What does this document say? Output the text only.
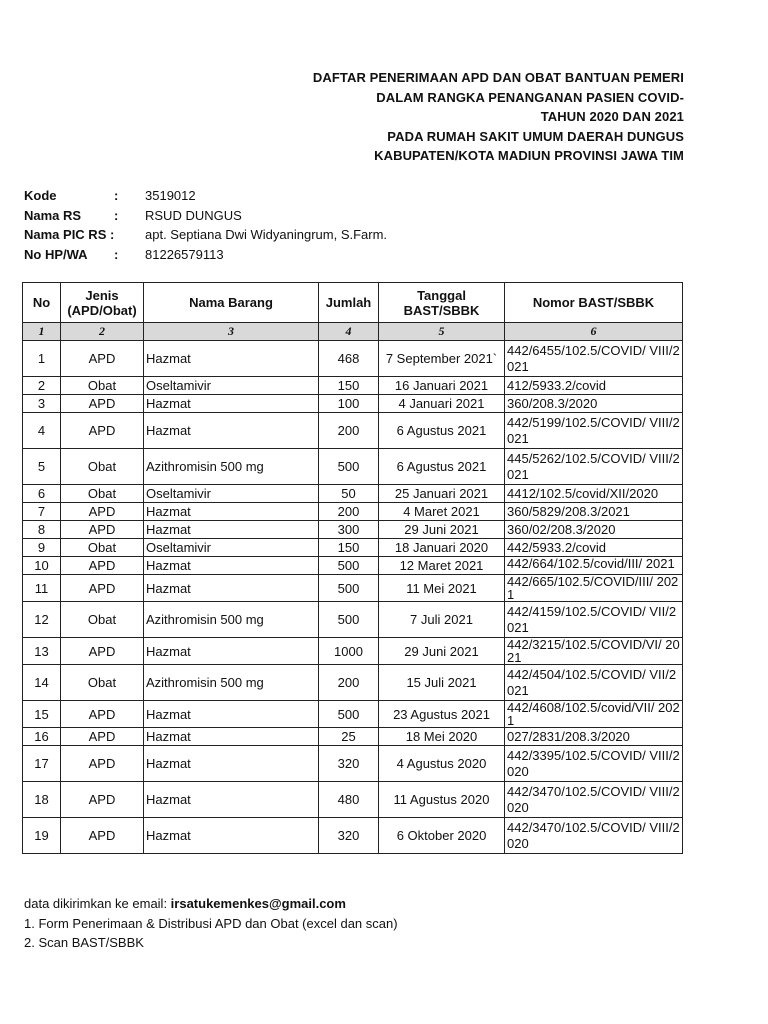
DAFTAR PENERIMAAN APD DAN OBAT BANTUAN PEMERI
DALAM RANGKA PENANGANAN PASIEN COVID-
TAHUN 2020 DAN 2021
PADA RUMAH SAKIT UMUM DAERAH DUNGUS
KABUPATEN/KOTA MADIUN PROVINSI JAWA TIM
Kode	: 3519012
Nama RS	: RSUD DUNGUS
Nama PIC RS : apt. Septiana Dwi Widyaningrum, S.Farm.
No HP/WA : 81226579113
No	Jenis (APD/Obat)	Nama Barang	Jumlah	Tanggal BAST/SBBK	Nomor BAST/SBBK
1	2	3	4	5	6
1	APD	Hazmat	468	7 September 2021`	442/6455/102.5/COVID/ VIII/2021
2	Obat	Oseltamivir	150	16 Januari 2021	412/5933.2/covid
3	APD	Hazmat	100	4 Januari 2021	360/208.3/2020
4	APD	Hazmat	200	6 Agustus 2021	442/5199/102.5/COVID/ VIII/2021
5	Obat	Azithromisin 500 mg	500	6 Agustus 2021	445/5262/102.5/COVID/ VIII/2021
6	Obat	Oseltamivir	50	25 Januari 2021	4412/102.5/covid/XII/2020
7	APD	Hazmat	200	4 Maret 2021	360/5829/208.3/2021
8	APD	Hazmat	300	29 Juni 2021	360/02/208.3/2020
9	Obat	Oseltamivir	150	18 Januari 2020	442/5933.2/covid
10	APD	Hazmat	500	12 Maret 2021	442/664/102.5/covid/III/ 2021
11	APD	Hazmat	500	11 Mei 2021	442/665/102.5/COVID/III/ 2021
12	Obat	Azithromisin 500 mg	500	7 Juli 2021	442/4159/102.5/COVID/ VII/2021
13	APD	Hazmat	1000	29 Juni 2021	442/3215/102.5/COVID/VI/ 2021
14	Obat	Azithromisin 500 mg	200	15 Juli 2021	442/4504/102.5/COVID/ VII/2021
15	APD	Hazmat	500	23 Agustus 2021	442/4608/102.5/covid/VII/ 2021
16	APD	Hazmat	25	18 Mei 2020	027/2831/208.3/2020
17	APD	Hazmat	320	4 Agustus 2020	442/3395/102.5/COVID/ VIII/2020
18	APD	Hazmat	480	11 Agustus 2020	442/3470/102.5/COVID/ VIII/2020
19	APD	Hazmat	320	6 Oktober 2020	442/3470/102.5/COVID/ VIII/2020
data dikirimkan ke email: irsatukemenkes@gmail.com
1. Form Penerimaan & Distribusi APD dan Obat (excel dan scan)
2. Scan BAST/SBBK
